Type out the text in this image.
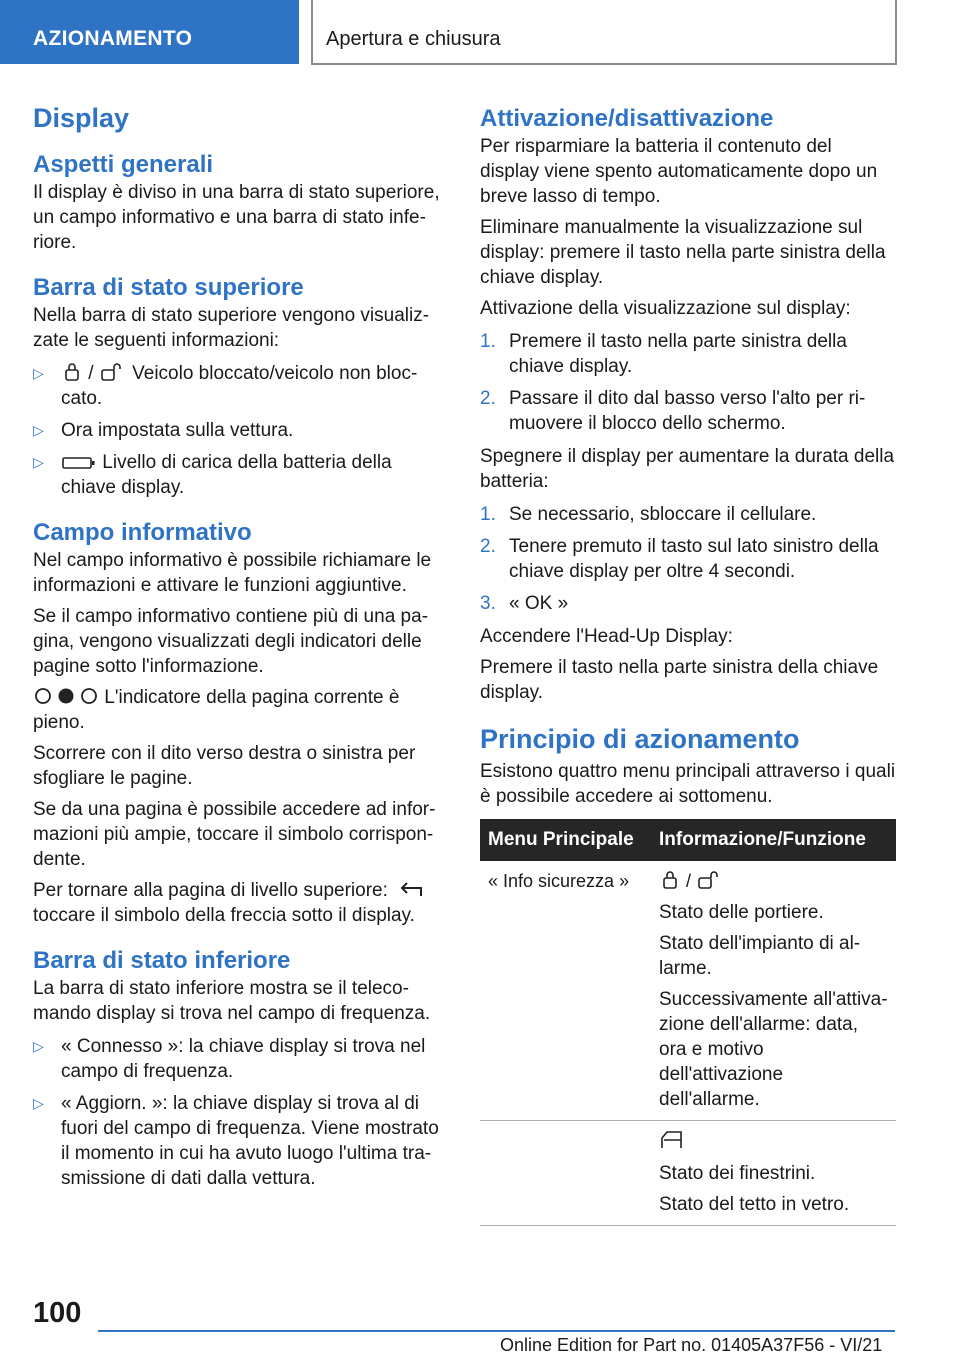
AZIONAMENTO	Apertura e chiusura
Display
Aspetti generali

Il display è diviso in una barra di stato superiore, un campo informativo e una barra di stato inferiore.

Barra di stato superiore

Nella barra di stato superiore vengono visualizzate le seguenti informazioni:

▷ / Veicolo bloccato/veicolo non bloccato.
▷ Ora impostata sulla vettura.
▷	Livello di carica della batteria della chiave display.
Campo informativo

Nel campo informativo è possibile richiamare le informazioni e attivare le funzioni aggiuntive.

Se il campo informativo contiene più di una pagina, vengono visualizzati degli indicatori delle pagine sotto l'informazione.

L'indicatore della pagina corrente è pieno.

Scorrere con il dito verso destra o sinistra per sfogliare le pagine.

Se da una pagina è possibile accedere ad informazioni più ampie, toccare il simbolo corrispondente.

Per tornare alla pagina di livello superiore:
toccare il simbolo della freccia sotto il display.

Barra di stato inferiore

La barra di stato inferiore mostra se il telecomando display si trova nel campo di frequenza.

▷ « Connesso »: la chiave display si trova nel campo di frequenza.
▷ « Aggiorn. »: la chiave display si trova al di fuori del campo di frequenza. Viene mostrato il momento in cui ha avuto luogo l'ultima trasmissione di dati dalla vettura.
Attivazione/disattivazione

Per risparmiare la batteria il contenuto del display viene spento automaticamente dopo un breve lasso di tempo.

Eliminare manualmente la visualizzazione sul display: premere il tasto nella parte sinistra della chiave display.

Attivazione della visualizzazione sul display:

1. Premere il tasto nella parte sinistra della chiave display.
2. Passare il dito dal basso verso l'alto per rimuovere il blocco dello schermo.

Spegnere il display per aumentare la durata della batteria:

1. Se necessario, sbloccare il cellulare.
2. Tenere premuto il tasto sul lato sinistro della chiave display per oltre 4 secondi.
3. « OK »

Accendere l'Head-Up Display:

Premere il tasto nella parte sinistra della chiave display.

Principio di azionamento

Esistono quattro menu principali attraverso i quali è possibile accedere ai sottomenu.

Menu Principale	Informazione/Funzione
« Info sicurezza »	/

Stato delle portiere.

Stato dell'impianto di allarme.

Successivamente all'attivazione dell'allarme: data, ora e motivo dell'attivazione dell'allarme.

	Stato dei finestrini.

Stato del tetto in vetro.

100
Online Edition for Part no. 01405A37F56 - VI/21
